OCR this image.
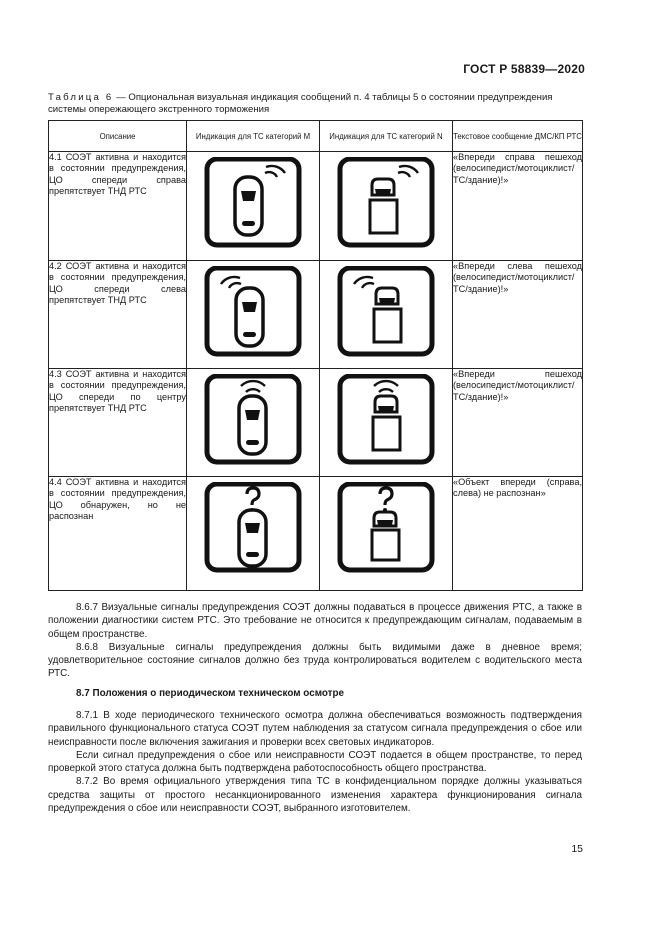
ГОСТ Р 58839—2020
Таблица 6 — Опциональная визуальная индикация сообщений п. 4 таблицы 5 о состоянии предупреждения системы опережающего экстренного торможения
Описание	Индикация для ТС категорий M	Индикация для ТС категорий N	Текстовое сообщение ДМС/КП РТС
4.1 СОЭТ активна и находится в состоянии предупреждения, ЦО спереди справа препятствует ТНД РТС			«Впереди справа пешеход (велосипедист/мотоциклист/ТС/здание)!»
4.2 СОЭТ активна и находится в состоянии предупреждения, ЦО спереди слева препятствует ТНД РТС			«Впереди слева пешеход (велосипедист/мотоциклист/ТС/здание)!»
4.3 СОЭТ активна и находится в состоянии предупреждения, ЦО спереди по центру препятствует ТНД РТС			«Впереди пешеход (велосипедист/мотоциклист/ТС/здание)!»
4.4 СОЭТ активна и находится в состоянии предупреждения, ЦО обнаружен, но не распознан			«Объект впереди (справа, слева) не распознан»

8.6.7 Визуальные сигналы предупреждения СОЭТ должны подаваться в процессе движения РТС, а также в положении диагностики систем РТС. Это требование не относится к предупреждающим сигналам, подаваемым в общем пространстве.

8.6.8 Визуальные сигналы предупреждения должны быть видимыми даже в дневное время; удовлетворительное состояние сигналов должно без труда контролироваться водителем с водительского места РТС.

8.7 Положения о периодическом техническом осмотре

8.7.1 В ходе периодического технического осмотра должна обеспечиваться возможность подтверждения правильного функционального статуса СОЭТ путем наблюдения за статусом сигнала предупреждения о сбое или неисправности после включения зажигания и проверки всех световых индикаторов.

Если сигнал предупреждения о сбое или неисправности СОЭТ подается в общем пространстве, то перед проверкой этого статуса должна быть подтверждена работоспособность общего пространства.

8.7.2 Во время официального утверждения типа ТС в конфиденциальном порядке должны указываться средства защиты от простого несанкционированного изменения характера функционирования сигнала предупреждения о сбое или неисправности СОЭТ, выбранного изготовителем.

15
